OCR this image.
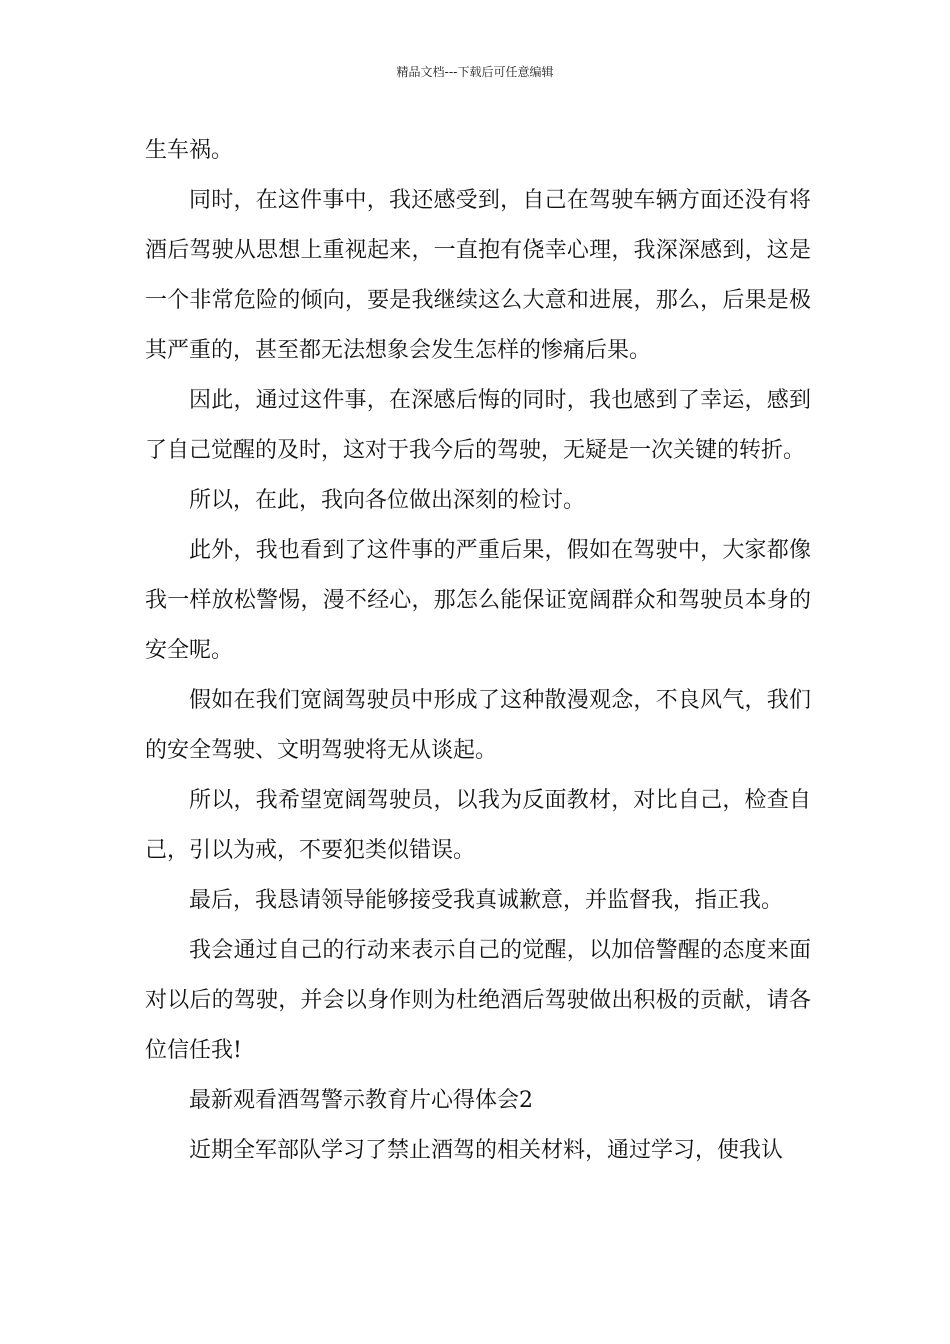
精品文档---下载后可任意编辑

生车祸。

同时，在这件事中，我还感受到，自己在驾驶车辆方面还没有将酒后驾驶从思想上重视起来，一直抱有侥幸心理，我深深感到，这是一个非常危险的倾向，要是我继续这么大意和进展，那么，后果是极其严重的，甚至都无法想象会发生怎样的惨痛后果。

因此，通过这件事，在深感后悔的同时，我也感到了幸运，感到了自己觉醒的及时，这对于我今后的驾驶，无疑是一次关键的转折。

所以，在此，我向各位做出深刻的检讨。

此外，我也看到了这件事的严重后果，假如在驾驶中，大家都像我一样放松警惕，漫不经心，那怎么能保证宽阔群众和驾驶员本身的安全呢。

假如在我们宽阔驾驶员中形成了这种散漫观念，不良风气，我们的安全驾驶、文明驾驶将无从谈起。

所以，我希望宽阔驾驶员，以我为反面教材，对比自己，检查自己，引以为戒，不要犯类似错误。

最后，我恳请领导能够接受我真诚歉意，并监督我，指正我。

我会通过自己的行动来表示自己的觉醒，以加倍警醒的态度来面对以后的驾驶，并会以身作则为杜绝酒后驾驶做出积极的贡献，请各位信任我!

最新观看酒驾警示教育片心得体会2

近期全军部队学习了禁止酒驾的相关材料，通过学习，使我认
